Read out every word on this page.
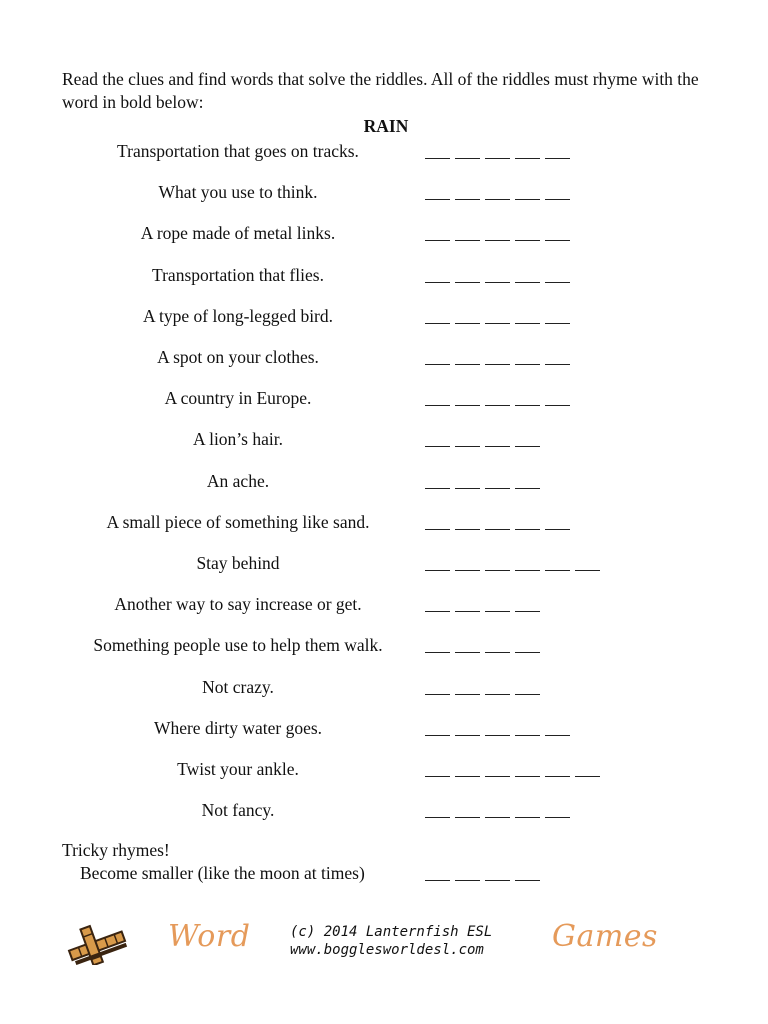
Read the clues and find words that solve the riddles. All of the riddles must rhyme with the word in bold below:
RAIN
Transportation that goes on tracks.
What you use to think.
A rope made of metal links.
Transportation that flies.
A type of long-legged bird.
A spot on your clothes.
A country in Europe.
A lion’s hair.
An ache.
A small piece of something like sand.
Stay behind
Another way to say increase or get.
Something people use to help them walk.
Not crazy.
Where dirty water goes.
Twist your ankle.
Not fancy.
Tricky rhymes!
Become smaller (like the moon at times)
Word	(c) 2014 Lanternfish ESL
www.bogglesworldesl.com Games
